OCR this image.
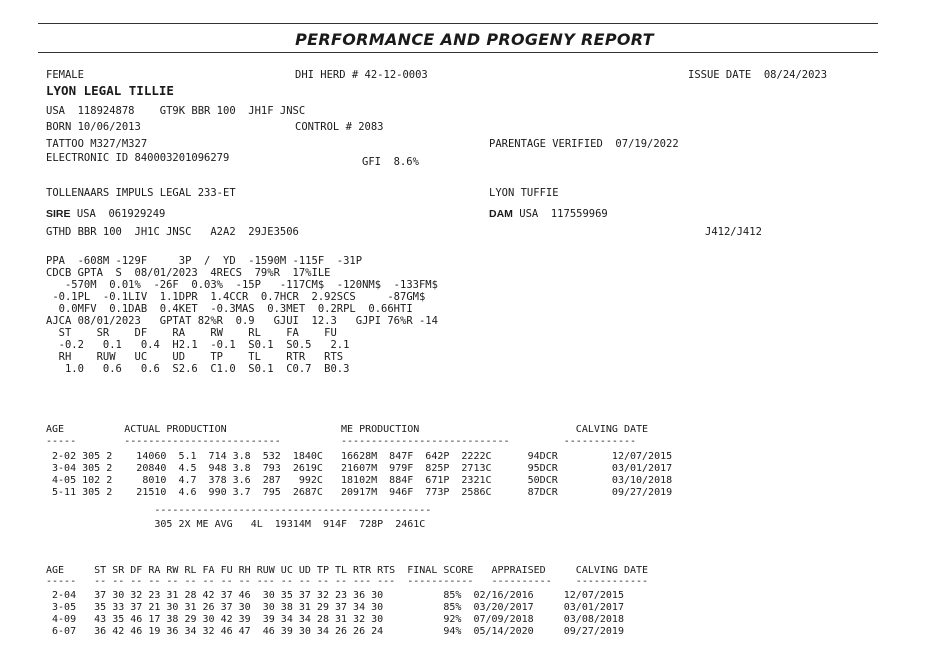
PERFORMANCE AND PROGENY REPORT
FEMALE	DHI HERD # 42-12-0003	ISSUE DATE  08/24/2023
LYON LEGAL TILLIE
USA  118924878    GT9K BBR 100  JH1F JNSC
BORN 10/06/2013	CONTROL # 2083
TATTOO M327/M327	PARENTAGE VERIFIED  07/19/2022
ELECTRONIC ID 840003201096279	GFI  8.6%
TOLLENAARS IMPULS LEGAL 233-ET	LYON TUFFIE
SIRE USA  061929249	DAM USA  117559969
GTHD BBR 100  JH1C JNSC   A2A2  29JE3506	J412/J412
PPA  -608M -129F     3P  /  YD  -1590M -115F  -31P
CDCB GPTA  S  08/01/2023  4RECS  79%R  17%ILE
-570M  0.01%  -26F  0.03%  -15P   -117CM$  -120NM$  -133FM$
-0.1PL  -0.1LIV  1.1DPR  1.4CCR  0.7HCR  2.92SCS     -87GM$
0.0MFV  0.1DAB  0.4KET  -0.3MAS  0.3MET  0.2RPL  0.66HTI
AJCA 08/01/2023   GPTAT 82%R  0.9   GJUI  12.3   GJPI 76%R -14
ST    SR    DF    RA    RW    RL    FA    FU
-0.2   0.1   0.4  H2.1  -0.1  S0.1  S0.5   2.1
RH    RUW   UC    UD    TP    TL    RTR   RTS
1.0   0.6   0.6  S2.6  C1.0  S0.1  C0.7  B0.3
AGE          ACTUAL PRODUCTION                   ME PRODUCTION                          CALVING DATE
-----        --------------------------          ----------------------------         ------------
2-02 305 2    14060  5.1  714 3.8  532  1840C   16628M  847F  642P  2222C      94DCR         12/07/2015
3-04 305 2    20840  4.5  948 3.8  793  2619C   21607M  979F  825P  2713C      95DCR         03/01/2017
4-05 102 2     8010  4.7  378 3.6  287   992C   18102M  884F  671P  2321C      50DCR         03/10/2018
5-11 305 2    21510  4.6  990 3.7  795  2687C   20917M  946F  773P  2586C      87DCR         09/27/2019
----------------------------------------------
305 2X ME AVG   4L  19314M  914F  728P  2461C
AGE     ST SR DF RA RW RL FA FU RH RUW UC UD TP TL RTR RTS  FINAL SCORE   APPRAISED     CALVING DATE
-----   -- -- -- -- -- -- -- -- -- --- -- -- -- -- --- ---  -----------   ----------    ------------
2-04   37 30 32 23 31 28 42 37 46  30 35 37 32 23 36 30          85%  02/16/2016     12/07/2015
3-05   35 33 37 21 30 31 26 37 30  30 38 31 29 37 34 30          85%  03/20/2017     03/01/2017
4-09   43 35 46 17 38 29 30 42 39  39 34 34 28 31 32 30          92%  07/09/2018     03/08/2018
6-07   36 42 46 19 36 34 32 46 47  46 39 30 34 26 26 24          94%  05/14/2020     09/27/2019
